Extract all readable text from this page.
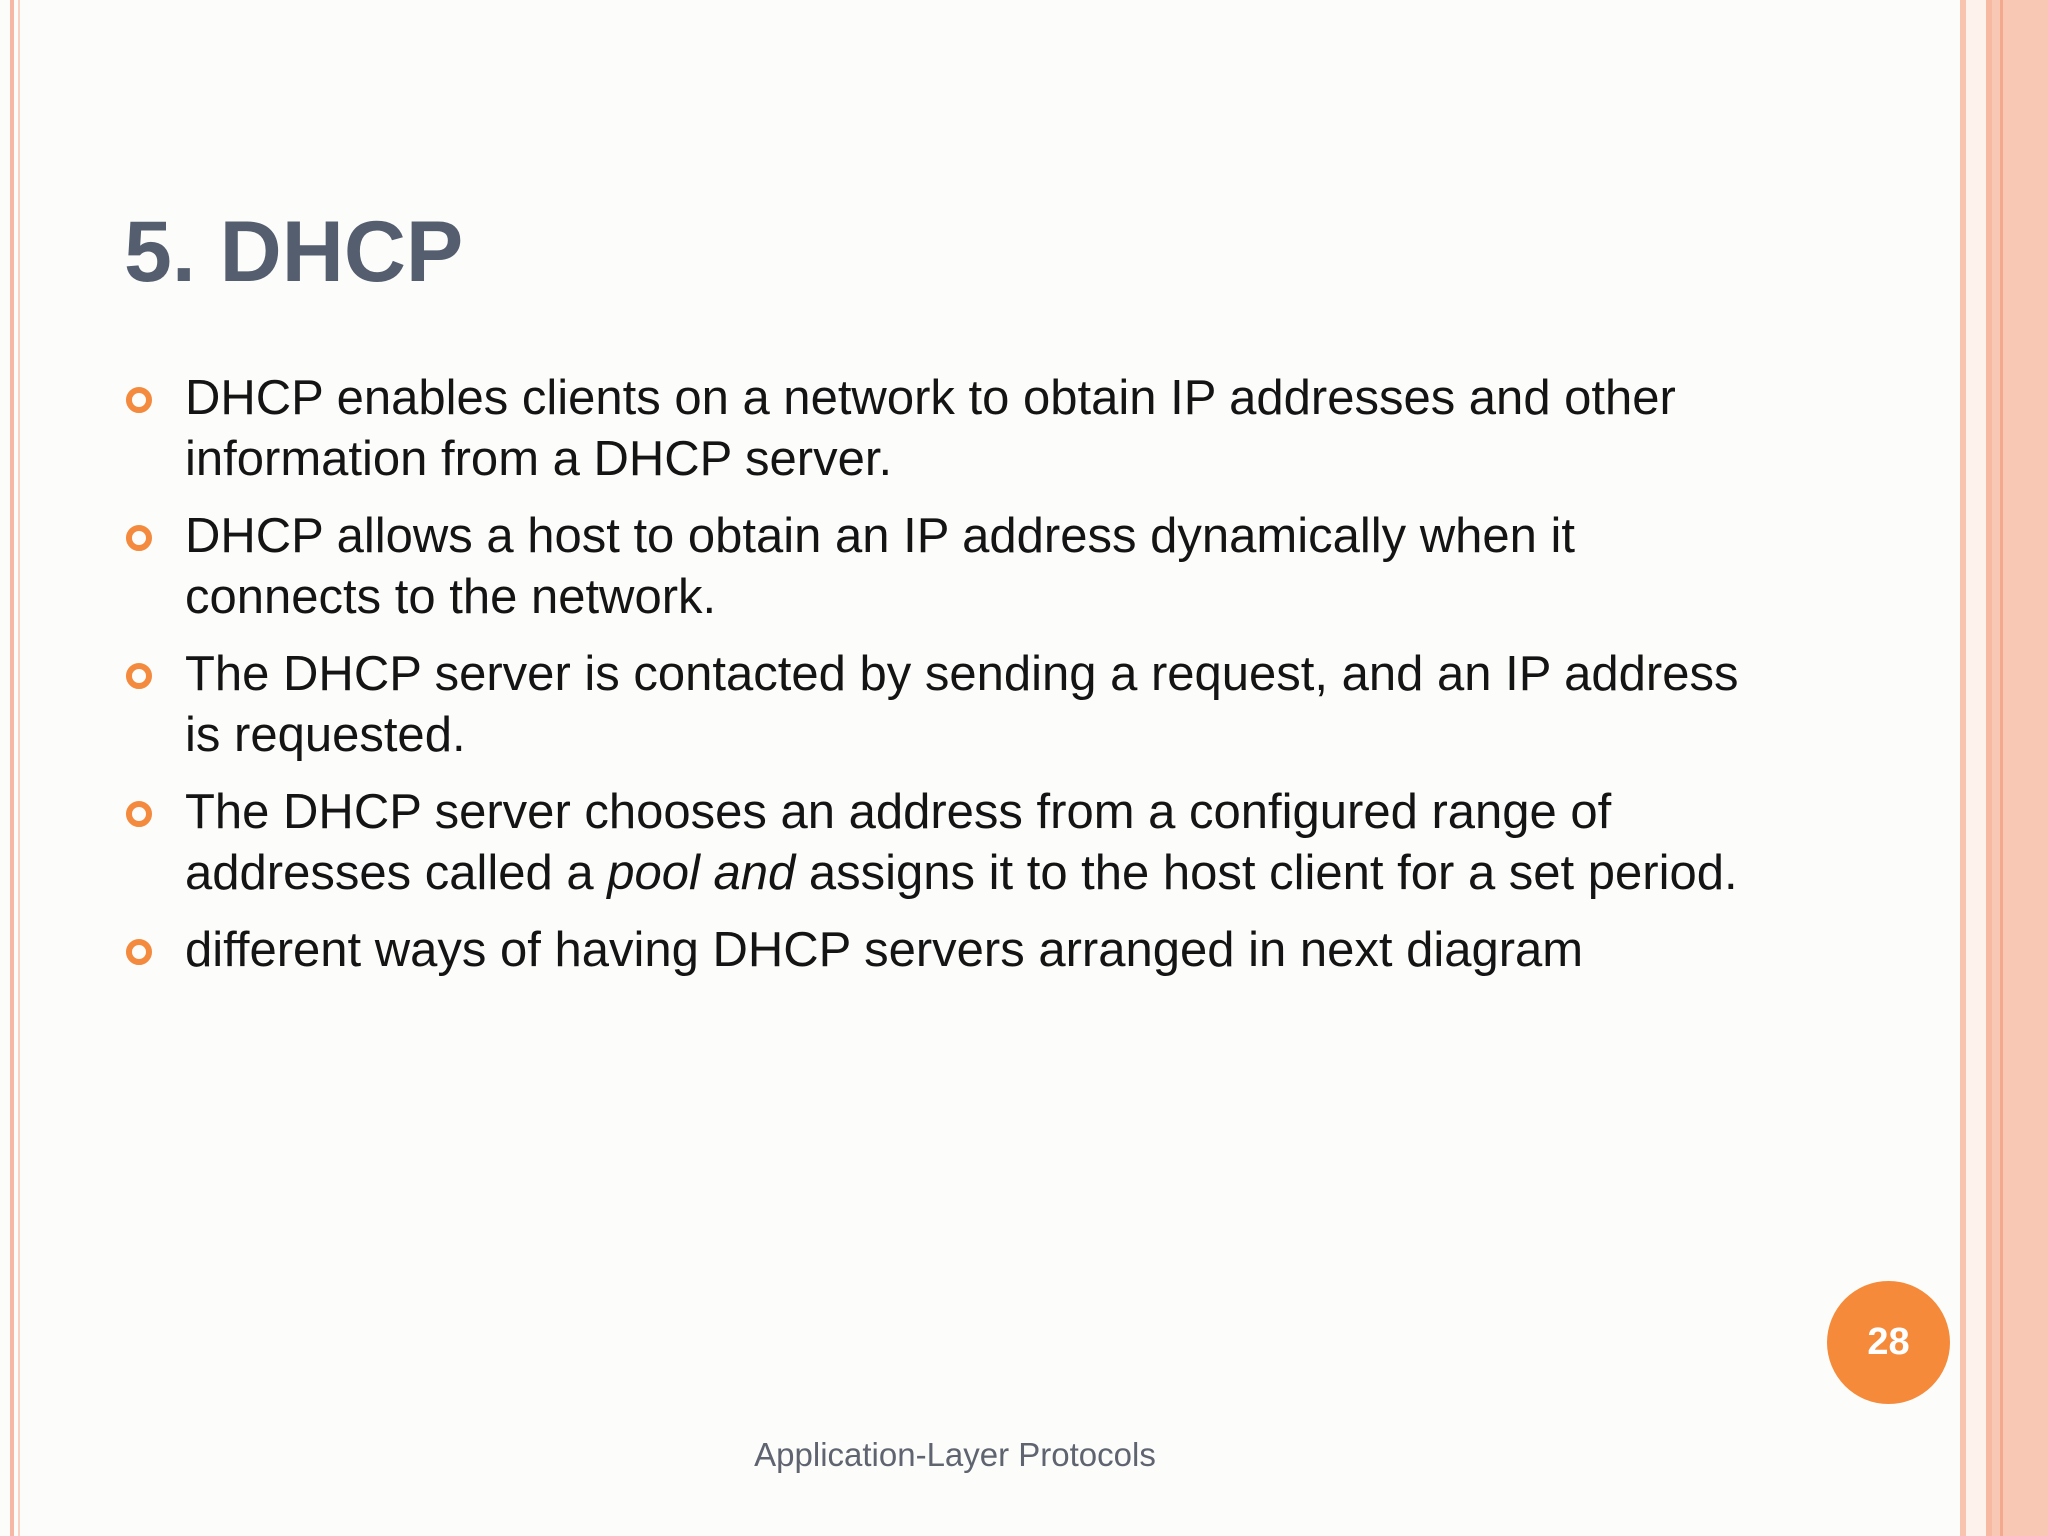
5. DHCP
DHCP enables clients on a network to obtain IP addresses and other information from a DHCP server.
DHCP allows a host to obtain an IP address dynamically when it connects to the network.
The DHCP server is contacted by sending a request, and an IP address is requested.
The DHCP server chooses an address from a configured range of addresses called a pool and assigns it to the host client for a set period.
different ways of having DHCP servers arranged in next diagram
28
Application-Layer Protocols
